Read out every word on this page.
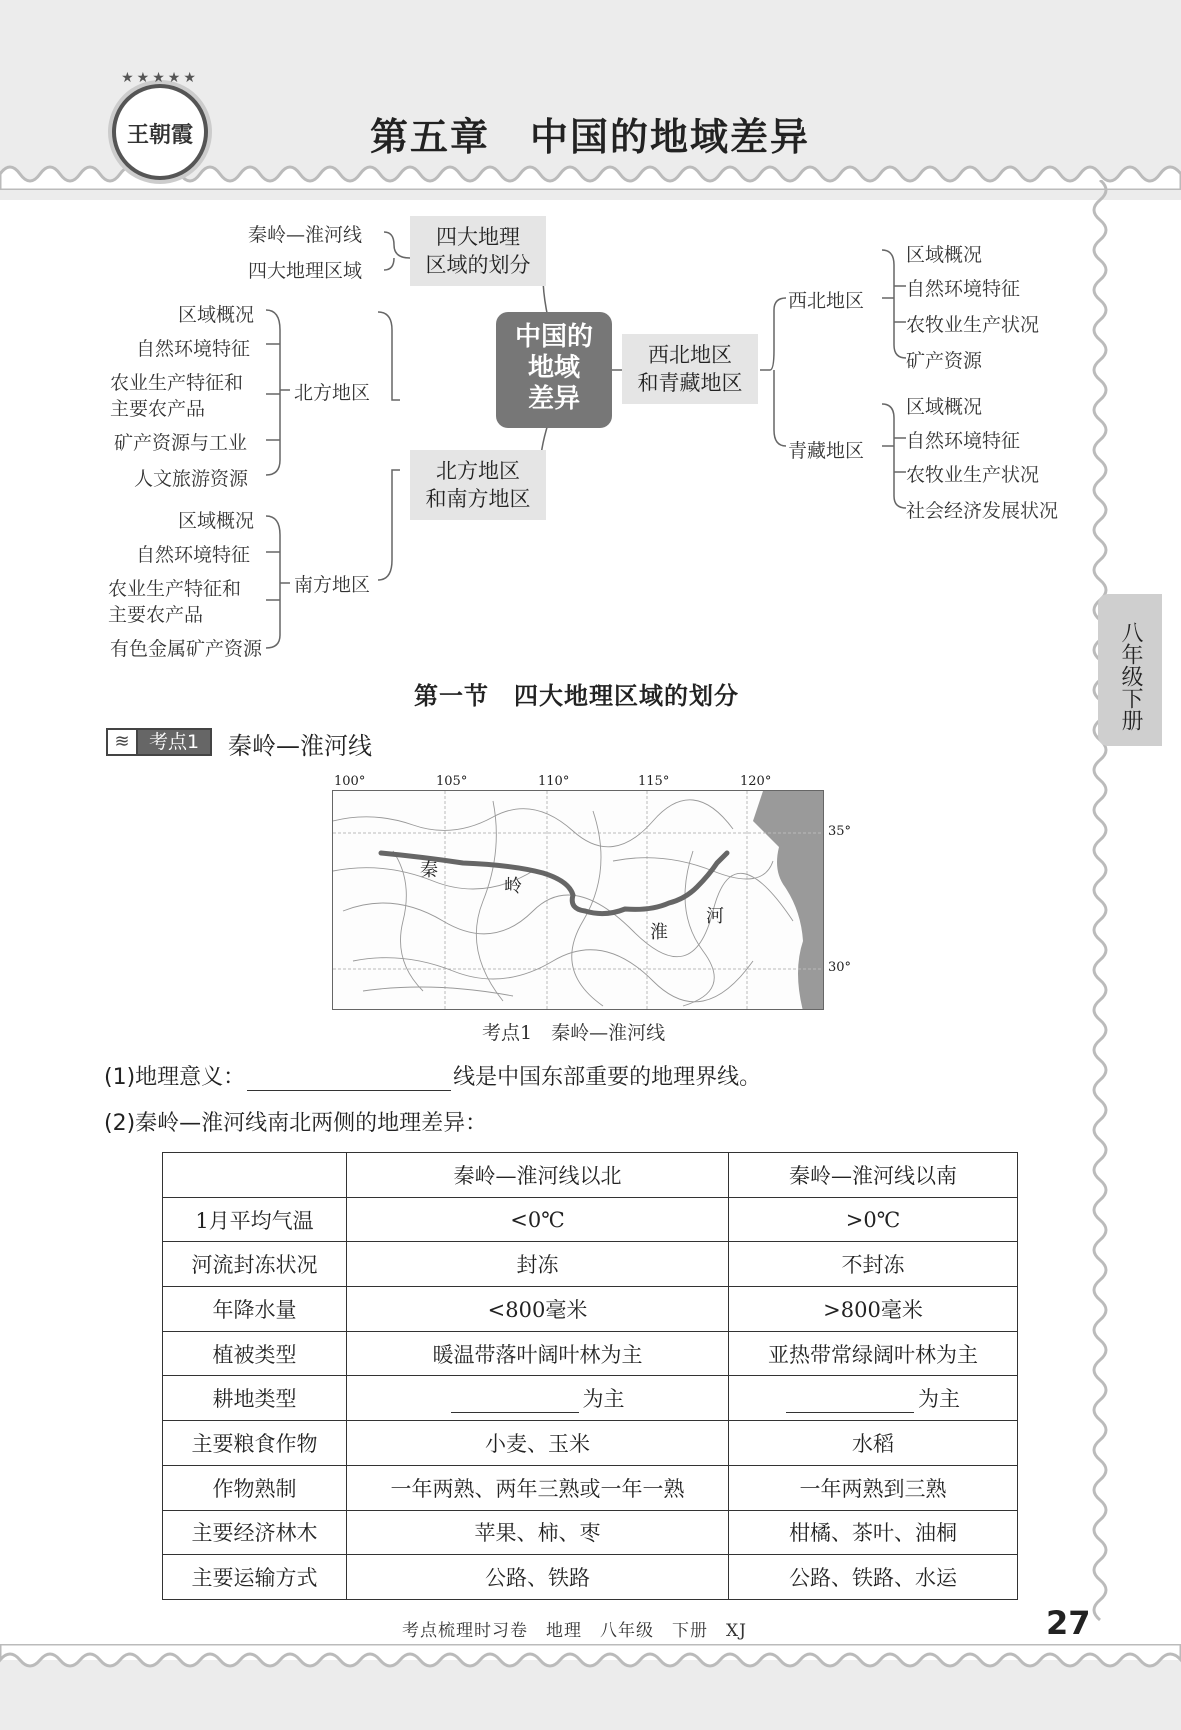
★★★★★
王朝霞	第五章　中国的地域差异
八年级下册
中国的
地域
差异
四大地理
区域的划分
秦岭—淮河线
四大地理区域
北方地区
和南方地区
北方地区
区域概况
自然环境特征
农业生产特征和
主要农产品
矿产资源与工业
人文旅游资源
南方地区
区域概况
自然环境特征
农业生产特征和
主要农产品
有色金属矿产资源
西北地区
和青藏地区
西北地区
区域概况
自然环境特征
农牧业生产状况
矿产资源
青藏地区
区域概况
自然环境特征
农牧业生产状况
社会经济发展状况
第一节　四大地理区域的划分
≋	考点1	秦岭—淮河线
100°	105°	110°	115°	120°
35°
30°
秦
岭
淮
河
考点1　秦岭—淮河线
(1)地理意义：	线是中国东部重要的地理界线。
(2)秦岭—淮河线南北两侧的地理差异：
	秦岭—淮河线以北	秦岭—淮河线以南
1月平均气温	<0℃	>0℃
河流封冻状况	封冻	不封冻
年降水量	<800毫米	>800毫米
植被类型	暖温带落叶阔叶林为主	亚热带常绿阔叶林为主
耕地类型	为主	为主
主要粮食作物	小麦、玉米	水稻
作物熟制	一年两熟、两年三熟或一年一熟	一年两熟到三熟
主要经济林木	苹果、柿、枣	柑橘、茶叶、油桐
主要运输方式	公路、铁路	公路、铁路、水运
考点梳理时习卷　地理　八年级　下册　XJ	27
